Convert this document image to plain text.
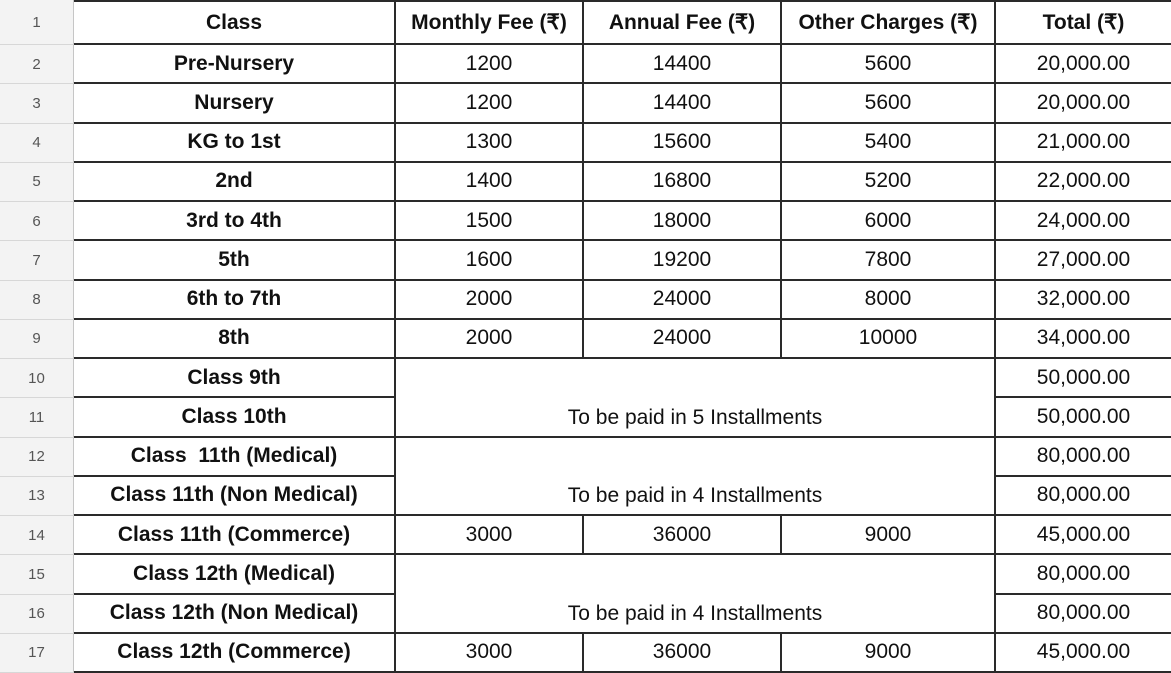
1	Class	Monthly Fee (₹)	Annual Fee (₹)	Other Charges (₹)	Total (₹)
2	Pre-Nursery	1200	14400	5600	20,000.00
3	Nursery	1200	14400	5600	20,000.00
4	KG to 1st	1300	15600	5400	21,000.00
5	2nd	1400	16800	5200	22,000.00
6	3rd to 4th	1500	18000	6000	24,000.00
7	5th	1600	19200	7800	27,000.00
8	6th to 7th	2000	24000	8000	32,000.00
9	8th	2000	24000	10000	34,000.00
10	Class 9th	50,000.00
11	Class 10th	50,000.00
To be paid in 5 Installments
12	Class  11th (Medical)	80,000.00
13	Class 11th (Non Medical)	80,000.00
To be paid in 4 Installments
14	Class 11th (Commerce)	3000	36000	9000	45,000.00
15	Class 12th (Medical)	80,000.00
16	Class 12th (Non Medical)	80,000.00
To be paid in 4 Installments
17	Class 12th (Commerce)	3000	36000	9000	45,000.00
